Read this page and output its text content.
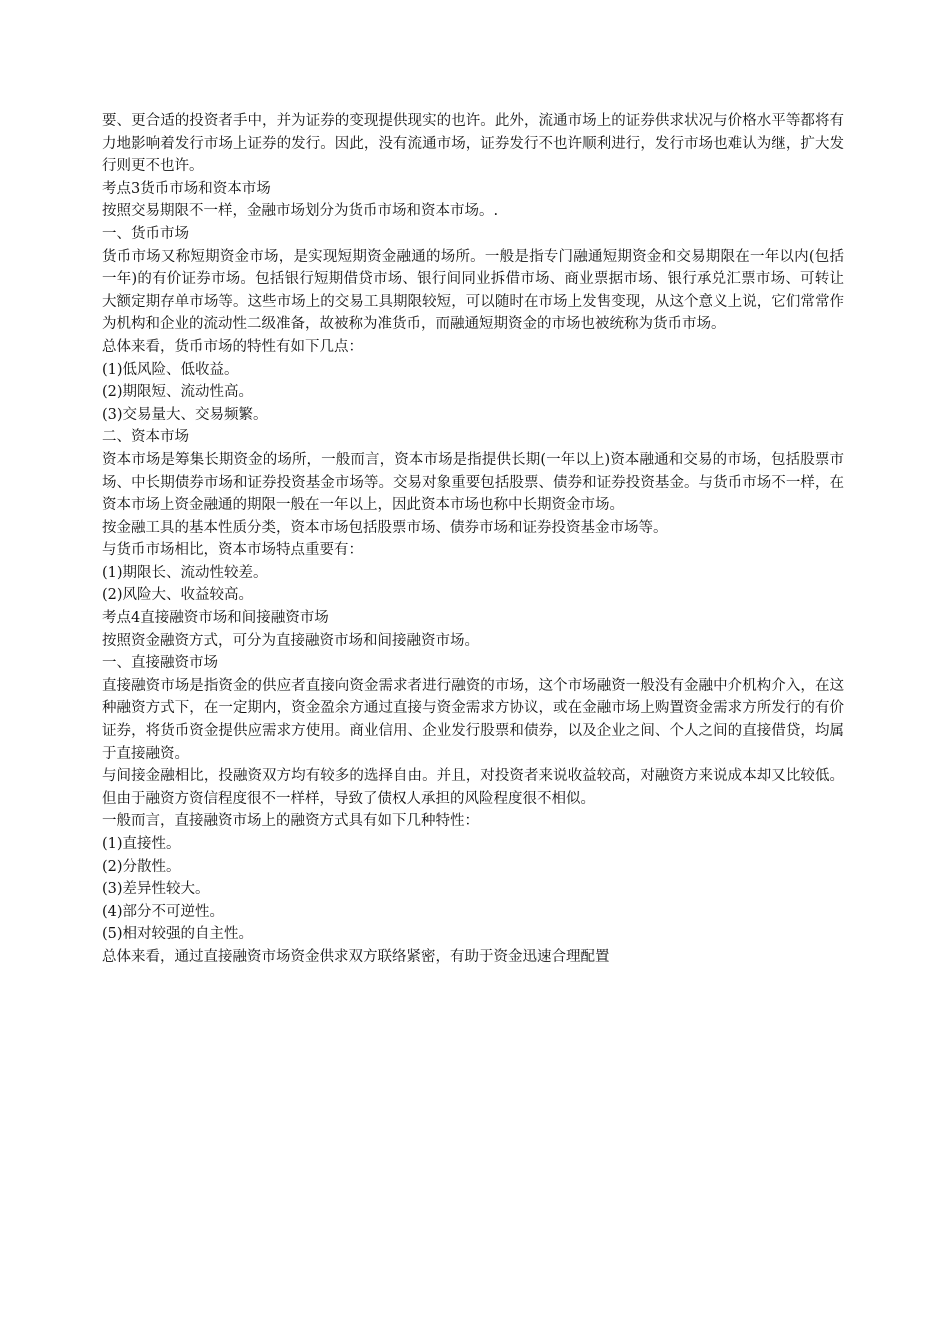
要、更合适的投资者手中，并为证券的变现提供现实的也许。此外，流通市场上的证券供求状况与价格水平等都将有力地影响着发行市场上证券的发行。因此，没有流通市场，证券发行不也许顺利进行，发行市场也难认为继，扩大发行则更不也许。

考点3货币市场和资本市场

按照交易期限不一样，金融市场划分为货币市场和资本市场。.

一、货币市场

货币市场又称短期资金市场，是实现短期资金融通的场所。一般是指专门融通短期资金和交易期限在一年以内(包括一年)的有价证券市场。包括银行短期借贷市场、银行间同业拆借市场、商业票据市场、银行承兑汇票市场、可转让大额定期存单市场等。这些市场上的交易工具期限较短，可以随时在市场上发售变现，从这个意义上说，它们常常作为机构和企业的流动性二级准备，故被称为准货币，而融通短期资金的市场也被统称为货币市场。

总体来看，货币市场的特性有如下几点：

(1)低风险、低收益。

(2)期限短、流动性高。

(3)交易量大、交易频繁。

二、资本市场

资本市场是筹集长期资金的场所，一般而言，资本市场是指提供长期(一年以上)资本融通和交易的市场，包括股票市场、中长期债券市场和证券投资基金市场等。交易对象重要包括股票、债券和证券投资基金。与货币市场不一样，在资本市场上资金融通的期限一般在一年以上，因此资本市场也称中长期资金市场。

按金融工具的基本性质分类，资本市场包括股票市场、债券市场和证券投资基金市场等。

与货币市场相比，资本市场特点重要有：

(1)期限长、流动性较差。

(2)风险大、收益较高。

考点4直接融资市场和间接融资市场

按照资金融资方式，可分为直接融资市场和间接融资市场。

一、直接融资市场

直接融资市场是指资金的供应者直接向资金需求者进行融资的市场，这个市场融资一般没有金融中介机构介入，在这种融资方式下，在一定期内，资金盈余方通过直接与资金需求方协议，或在金融市场上购置资金需求方所发行的有价证券，将货币资金提供应需求方使用。商业信用、企业发行股票和债券，以及企业之间、个人之间的直接借贷，均属于直接融资。

与间接金融相比，投融资双方均有较多的选择自由。并且，对投资者来说收益较高，对融资方来说成本却又比较低。但由于融资方资信程度很不一样样，导致了债权人承担的风险程度很不相似。

一般而言，直接融资市场上的融资方式具有如下几种特性：

(1)直接性。

(2)分散性。

(3)差异性较大。

(4)部分不可逆性。

(5)相对较强的自主性。

总体来看，通过直接融资市场资金供求双方联络紧密，有助于资金迅速合理配置
